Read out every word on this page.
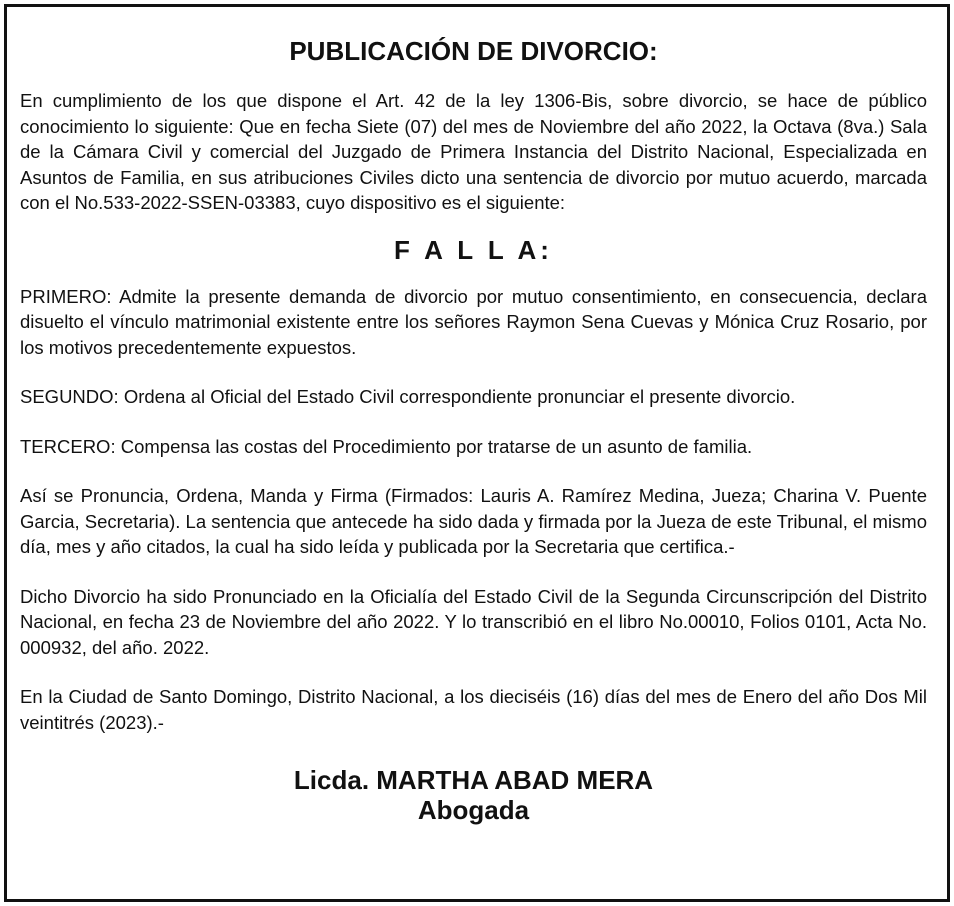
PUBLICACIÓN DE DIVORCIO:

En cumplimiento de los que dispone el Art. 42 de la ley 1306-Bis, sobre divorcio, se hace de público conocimiento lo siguiente: Que en fecha Siete (07) del mes de Noviembre del año 2022, la Octava (8va.) Sala de la Cámara Civil y comercial del Juzgado de Primera Instancia del Distrito Nacional, Especializada en Asuntos de Familia, en sus atribuciones Civiles dicto una sentencia de divorcio por mutuo acuerdo, marcada con el No.533-2022-SSEN-03383, cuyo dispositivo es el siguiente:

F A L L A:

PRIMERO: Admite la presente demanda de divorcio por mutuo consentimiento, en consecuencia, declara disuelto el vínculo matrimonial existente entre los señores Raymon Sena Cuevas y Mónica Cruz Rosario, por los motivos precedentemente expuestos.

SEGUNDO: Ordena al Oficial del Estado Civil correspondiente pronunciar el presente divorcio.

TERCERO: Compensa las costas del Procedimiento por tratarse de un asunto de familia.

Así se Pronuncia, Ordena, Manda y Firma (Firmados: Lauris A. Ramírez Medina, Jueza; Charina V. Puente Garcia, Secretaria). La sentencia que antecede ha sido dada y firmada por la Jueza de este Tribunal, el mismo día, mes y año citados, la cual ha sido leída y publicada por la Secretaria que certifica.-

Dicho Divorcio ha sido Pronunciado en la Oficialía del Estado Civil de la Segunda Circunscripción del Distrito Nacional, en fecha 23 de Noviembre del año 2022. Y lo transcribió en el libro No.00010, Folios 0101, Acta No. 000932, del año. 2022.

En la Ciudad de Santo Domingo, Distrito Nacional, a los dieciséis (16) días del mes de Enero del año Dos Mil veintitrés (2023).-

Licda. MARTHA ABAD MERA
Abogada
